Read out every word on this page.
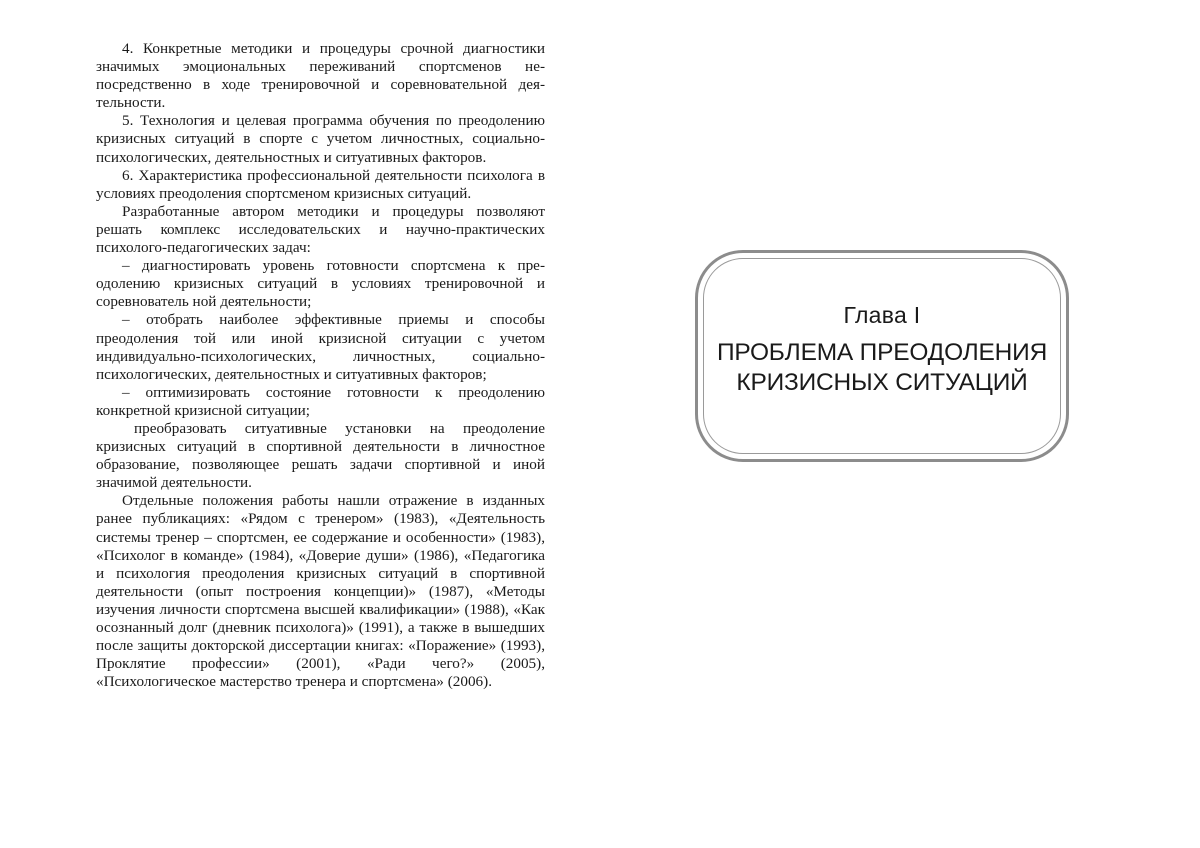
4. Конкретные методики и процедуры срочной диагностики значимых эмоциональных переживаний спортсменов непосредственно в ходе тренировочной и соревновательной деятельности.

5. Технология и целевая программа обучения по преодолению кризисных ситуаций в спорте с учетом личностных, социально-психологических, деятельностных и ситуативных факторов.

6. Характеристика профессиональной деятельности психолога в условиях преодоления спортсменом кризисных ситуаций.

Разработанные автором методики и процедуры позволяют решать комплекс исследовательских и научно-практических психолого-педагогических задач:

– диагностировать уровень готовности спортсмена к преодолению кризисных ситуаций в условиях тренировочной и соревнователь ной деятельности;

– отобрать наиболее эффективные приемы и способы преодоления той или иной кризисной ситуации с учетом индивидуально-психологических, личностных, социально-психологических, деятельностных и ситуативных факторов;

– оптимизировать состояние готовности к преодолению конкретной кризисной ситуации;

преобразовать ситуативные установки на преодоление кризисных ситуаций в спортивной деятельности в личностное образование, позволяющее решать задачи спортивной и иной значимой деятельности.

Отдельные положения работы нашли отражение в изданных ранее публикациях: «Рядом с тренером» (1983), «Деятельность системы тренер – спортсмен, ее содержание и особенности» (1983), «Психолог в команде» (1984), «Доверие души» (1986), «Педагогика и психология преодоления кризисных ситуаций в спортивной деятельности (опыт построения концепции)» (1987), «Методы изучения личности спортсмена высшей квалификации» (1988), «Как осознанный долг (дневник психолога)» (1991), а также в вышедших после защиты докторской диссертации книгах: «Поражение» (1993), Проклятие профессии» (2001), «Ради чего?» (2005), «Психологическое мастерство тренера и спортсмена» (2006).

Глава I
ПРОБЛЕМА ПРЕОДОЛЕНИЯ
КРИЗИСНЫХ СИТУАЦИЙ
